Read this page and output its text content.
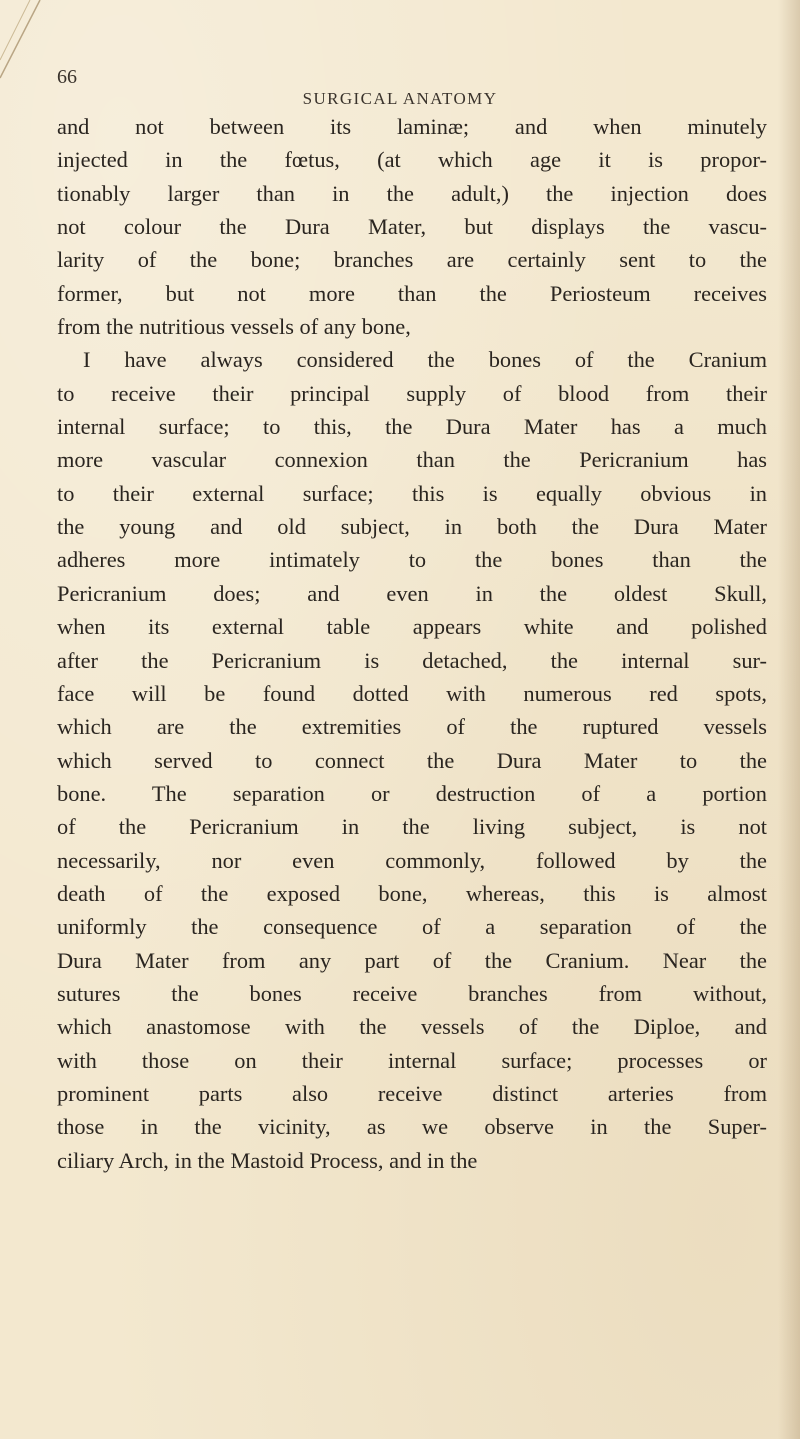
66
SURGICAL ANATOMY
and not between its laminæ; and when minutely
injected in the fœtus, (at which age it is propor-
tionably larger than in the adult,) the injection does
not colour the Dura Mater, but displays the vascu-
larity of the bone; branches are certainly sent to the
former, but not more than the Periosteum receives
from the nutritious vessels of any bone,
I have always considered the bones of the Cranium
to receive their principal supply of blood from their
internal surface; to this, the Dura Mater has a much
more vascular connexion than the Pericranium has
to their external surface; this is equally obvious in
the young and old subject, in both the Dura Mater
adheres more intimately to the bones than the
Pericranium does; and even in the oldest Skull,
when its external table appears white and polished
after the Pericranium is detached, the internal sur-
face will be found dotted with numerous red spots,
which are the extremities of the ruptured vessels
which served to connect the Dura Mater to the
bone. The separation or destruction of a portion
of the Pericranium in the living subject, is not
necessarily, nor even commonly, followed by the
death of the exposed bone, whereas, this is almost
uniformly the consequence of a separation of the
Dura Mater from any part of the Cranium. Near the
sutures the bones receive branches from without,
which anastomose with the vessels of the Diploe, and
with those on their internal surface; processes or
prominent parts also receive distinct arteries from
those in the vicinity, as we observe in the Super-
ciliary Arch, in the Mastoid Process, and in the
